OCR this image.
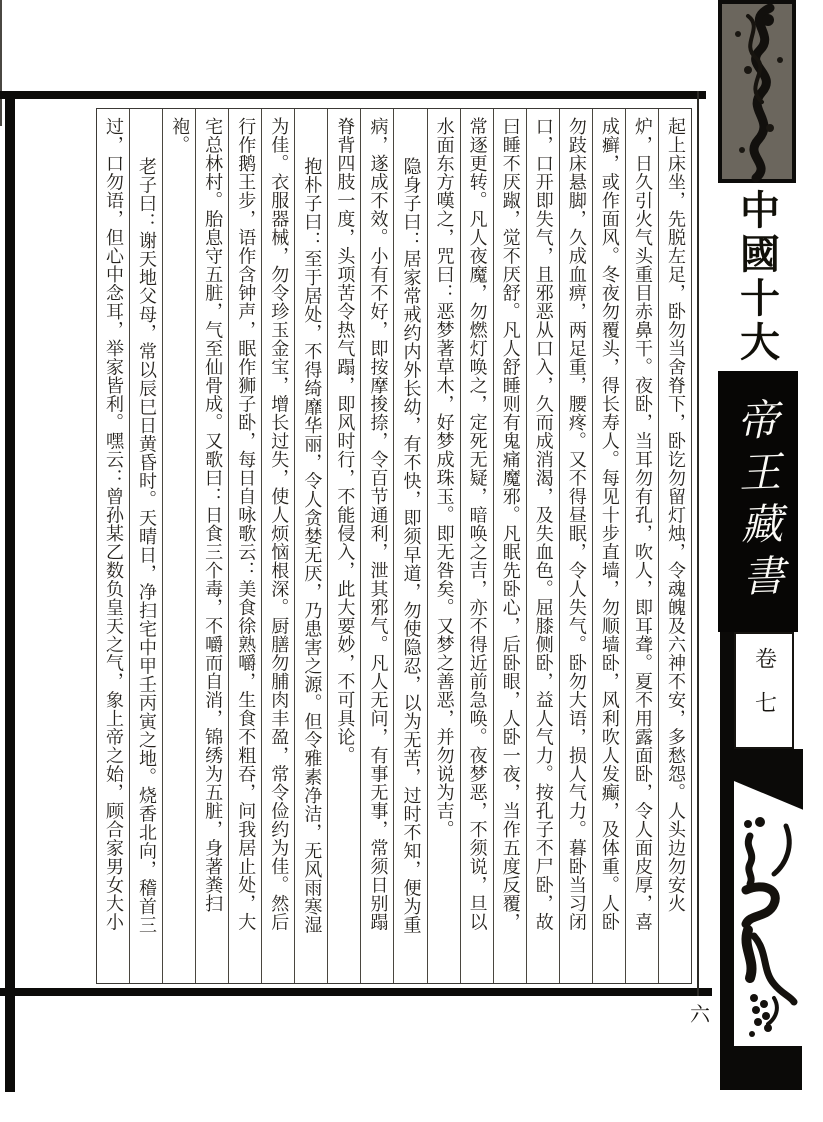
起上床坐，先脱左足，卧勿当舍脊下，卧讫勿留灯烛，令魂魄及六神不安，多愁怨。人头边勿安火
炉，日久引火气头重目赤鼻干。夜卧，当耳勿有孔，吹人，即耳聋。夏不用露面卧，令人面皮厚，喜
成癣，或作面风。冬夜勿覆头，得长寿人。每见十步直墙，勿顺墙卧，风利吹人发癫，及体重。人卧
勿跂床悬脚，久成血痹，两足重，腰疼。又不得昼眠，令人失气。卧勿大语，损人气力。暮卧当习闭
口，口开即失气，且邪恶从口入，久而成消渴，及失血色。屈膝侧卧，益人气力。按孔子不尸卧，故
曰睡不厌踧，觉不厌舒。凡人舒睡则有鬼痛魔邪。凡眠先卧心，后卧眼，人卧一夜，当作五度反覆，
常逐更转。凡人夜魔，勿燃灯唤之，定死无疑，暗唤之吉，亦不得近前急唤。夜梦恶，不须说，旦以
水面东方嘆之，咒曰：恶梦著草木，好梦成珠玉。即无咎矣。又梦之善恶，并勿说为吉。
隐身子曰：居家常戒约内外长幼，有不快，即须早道，勿使隐忍，以为无苦，过时不知，便为重
病，遂成不效。小有不好，即按摩捘捺，令百节通利，泄其邪气。凡人无问，有事无事，常须日别蹋
脊背四肢一度，头项苦令热气蹋，即风时行，不能侵入，此大要妙，不可具论。
抱朴子曰：至于居处，不得绮靡华丽，令人贪婪无厌，乃患害之源。但令雅素净洁，无风雨寒湿
为佳。衣服器械，勿令珍玉金宝，增长过失，使人烦恼根深。厨膳勿脯肉丰盈，常令俭约为佳。然后
行作鹅王步，语作含钟声，眠作狮子卧，每日自咏歌云：美食徐熟嚼，生食不粗吞，问我居止处，大
宅总林村。胎息守五脏，气至仙骨成。又歌曰：日食三个毒，不嚼而自消，锦绣为五脏，身著粪扫
袍。
老子曰：谢天地父母，常以辰巳日黄昏时。天晴日，净扫宅中甲壬丙寅之地。烧香北向，稽首三
过，口勿语，但心中念耳，举家皆利。嘿云：曾孙某乙数负皇天之气，象上帝之始，顾合家男女大小	中國十大
帝王藏書
卷七
六
